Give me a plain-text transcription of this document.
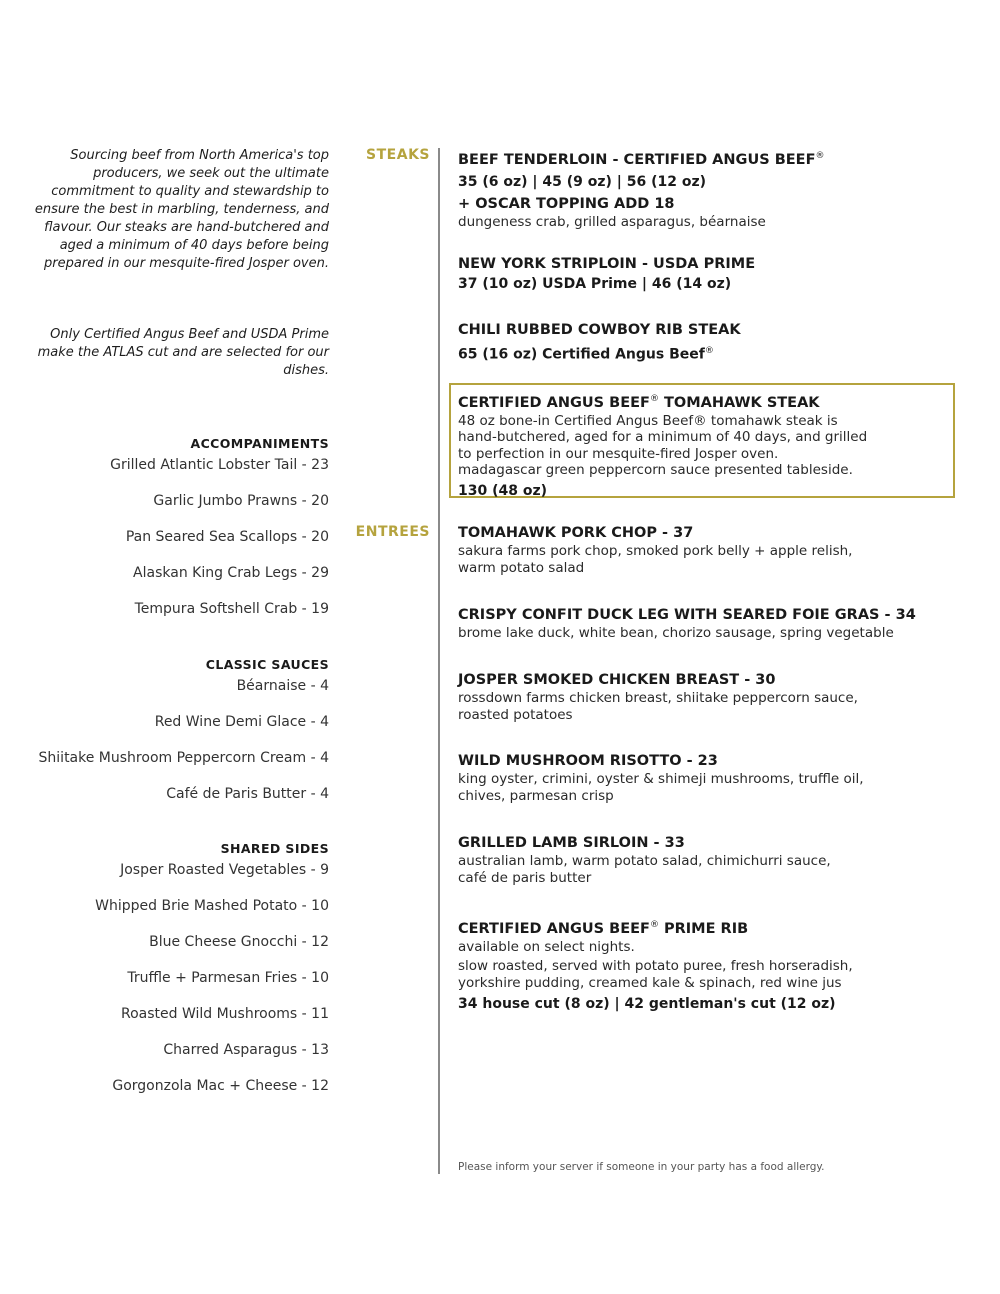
Sourcing beef from North America's top producers, we seek out the ultimate commitment to quality and stewardship to ensure the best in marbling, tenderness, and flavour. Our steaks are hand-butchered and aged a minimum of 40 days before being prepared in our mesquite-fired Josper oven.
Only Certified Angus Beef and USDA Prime make the ATLAS cut and are selected for our dishes.
ACCOMPANIMENTS
Grilled Atlantic Lobster Tail - 23
Garlic Jumbo Prawns - 20
Pan Seared Sea Scallops - 20
Alaskan King Crab Legs - 29
Tempura Softshell Crab - 19
CLASSIC SAUCES
Béarnaise - 4
Red Wine Demi Glace - 4
Shiitake Mushroom Peppercorn Cream - 4
Café de Paris Butter - 4
SHARED SIDES
Josper Roasted Vegetables - 9
Whipped Brie Mashed Potato - 10
Blue Cheese Gnocchi - 12
Truffle + Parmesan Fries - 10
Roasted Wild Mushrooms - 11
Charred Asparagus - 13
Gorgonzola Mac + Cheese - 12
STEAKS
ENTREES
BEEF TENDERLOIN - CERTIFIED ANGUS BEEF®
35 (6 oz) | 45 (9 oz) | 56 (12 oz)
+ OSCAR TOPPING ADD 18
dungeness crab, grilled asparagus, béarnaise
NEW YORK STRIPLOIN - USDA PRIME
37 (10 oz) USDA Prime | 46 (14 oz)
CHILI RUBBED COWBOY RIB STEAK
65 (16 oz) Certified Angus Beef®
CERTIFIED ANGUS BEEF® TOMAHAWK STEAK
48 oz bone-in Certified Angus Beef® tomahawk steak is
hand-butchered, aged for a minimum of 40 days, and grilled
to perfection in our mesquite-fired Josper oven.
madagascar green peppercorn sauce presented tableside.
130 (48 oz)
TOMAHAWK PORK CHOP - 37
sakura farms pork chop, smoked pork belly + apple relish,
warm potato salad
CRISPY CONFIT DUCK LEG WITH SEARED FOIE GRAS - 34
brome lake duck, white bean, chorizo sausage, spring vegetable
JOSPER SMOKED CHICKEN BREAST - 30
rossdown farms chicken breast, shiitake peppercorn sauce,
roasted potatoes
WILD MUSHROOM RISOTTO - 23
king oyster, crimini, oyster & shimeji mushrooms, truffle oil,
chives, parmesan crisp
GRILLED LAMB SIRLOIN - 33
australian lamb, warm potato salad, chimichurri sauce,
café de paris butter
CERTIFIED ANGUS BEEF® PRIME RIB
available on select nights.
slow roasted, served with potato puree, fresh horseradish,
yorkshire pudding, creamed kale & spinach, red wine jus
34 house cut (8 oz) | 42 gentleman's cut (12 oz)
Please inform your server if someone in your party has a food allergy.
